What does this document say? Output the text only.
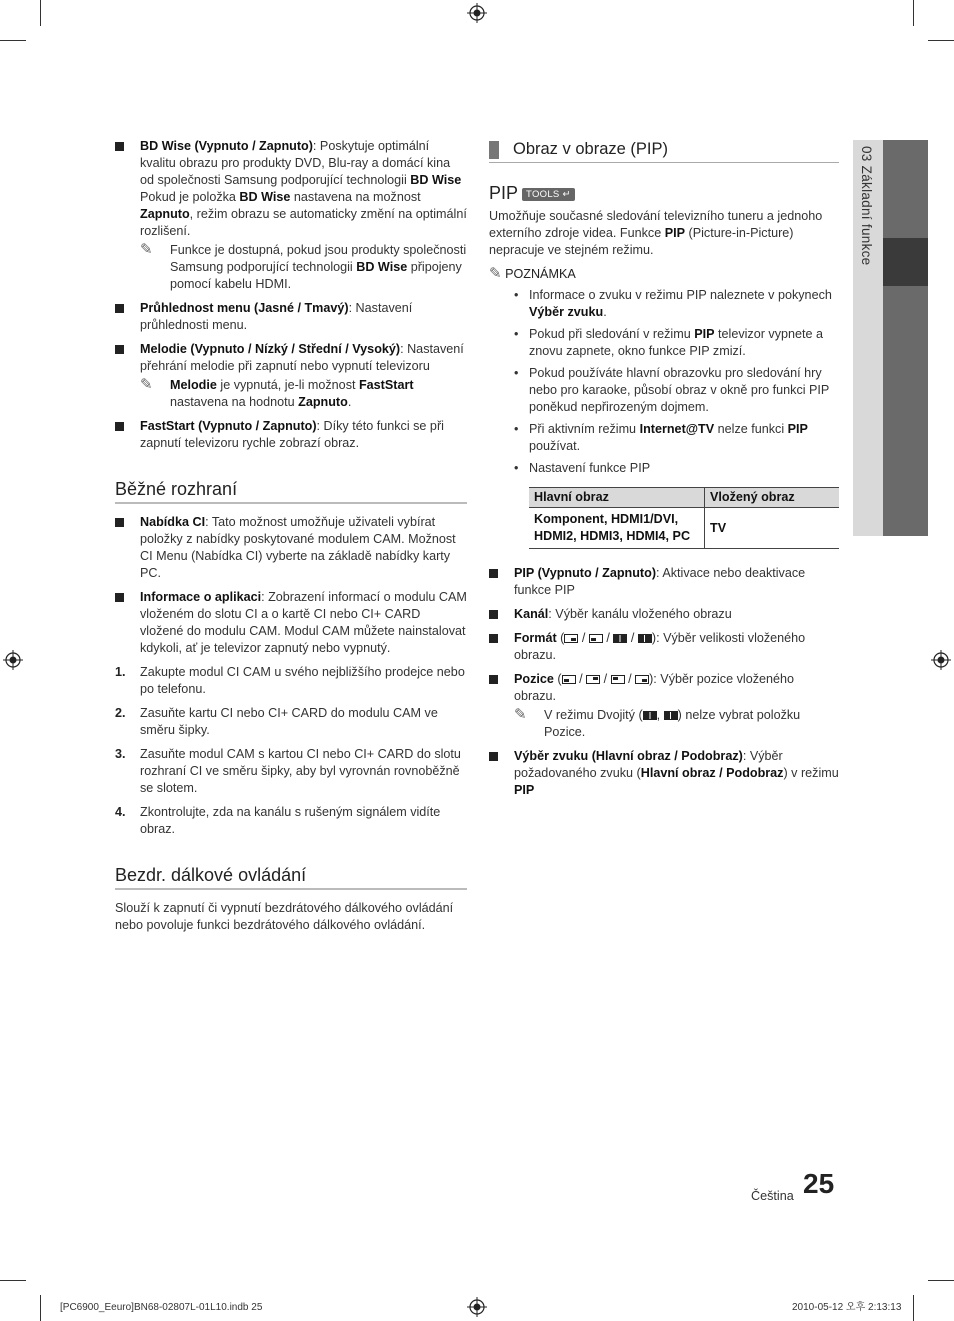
BD Wise (Vypnuto / Zapnuto): Poskytuje optimální kvalitu obrazu pro produkty DVD, Blu-ray a domácí kina od společnosti Samsung podporující technologii BD Wise Pokud je položka BD Wise nastavena na možnost Zapnuto, režim obrazu se automaticky změní na optimální rozlišení.
✎ Funkce je dostupná, pokud jsou produkty společnosti Samsung podporující technologii BD Wise připojeny pomocí kabelu HDMI.
Průhlednost menu (Jasné / Tmavý): Nastavení průhlednosti menu.
Melodie (Vypnuto / Nízký / Střední / Vysoký): Nastavení přehrání melodie při zapnutí nebo vypnutí televizoru
✎ Melodie je vypnutá, je-li možnost FastStart nastavena na hodnotu Zapnuto.
FastStart (Vypnuto / Zapnuto): Díky této funkci se při zapnutí televizoru rychle zobrazí obraz.
Běžné rozhraní
Nabídka CI: Tato možnost umožňuje uživateli vybírat položky z nabídky poskytované modulem CAM. Možnost CI Menu (Nabídka CI) vyberte na základě nabídky karty PC.
Informace o aplikaci: Zobrazení informací o modulu CAM vloženém do slotu CI a o kartě CI nebo CI+ CARD vložené do modulu CAM. Modul CAM můžete nainstalovat kdykoli, ať je televizor zapnutý nebo vypnutý.
1. Zakupte modul CI CAM u svého nejbližšího prodejce nebo po telefonu.
2. Zasuňte kartu CI nebo CI+ CARD do modulu CAM ve směru šipky.
3. Zasuňte modul CAM s kartou CI nebo CI+ CARD do slotu rozhraní CI ve směru šipky, aby byl vyrovnán rovnoběžně se slotem.
4. Zkontrolujte, zda na kanálu s rušeným signálem vidíte obraz.
Bezdr. dálkové ovládání
Slouží k zapnutí či vypnutí bezdrátového dálkového ovládání nebo povoluje funkci bezdrátového dálkového ovládání.
Obraz v obraze (PIP)
PIP TOOLS ↵
Umožňuje současné sledování televizního tuneru a jednoho externího zdroje videa. Funkce PIP (Picture-in-Picture) nepracuje ve stejném režimu.
✎ POZNÁMKA
• Informace o zvuku v režimu PIP naleznete v pokynech Výběr zvuku.
• Pokud při sledování v režimu PIP televizor vypnete a znovu zapnete, okno funkce PIP zmizí.
• Pokud používáte hlavní obrazovku pro sledování hry nebo pro karaoke, působí obraz v okně pro funkci PIP poněkud nepřirozeným dojmem.
• Při aktivním režimu Internet@TV nelze funkci PIP používat.
• Nastavení funkce PIP
Hlavní obraz	Vložený obraz
Komponent, HDMI1/DVI, HDMI2, HDMI3, HDMI4, PC	TV
PIP (Vypnuto / Zapnuto): Aktivace nebo deaktivace funkce PIP
Kanál: Výběr kanálu vloženého obrazu
Formát ( /  /  / ): Výběr velikosti vloženého obrazu.
Pozice ( /  /  / ): Výběr pozice vloženého obrazu.
✎ V režimu Dvojitý ( , ) nelze vybrat položku Pozice.
Výběr zvuku (Hlavní obraz / Podobraz): Výběr požadovaného zvuku (Hlavní obraz / Podobraz) v režimu PIP
03 Základní funkce
Čeština 25
[PC6900_Eeuro]BN68-02807L-01L10.indb 25	2010-05-12 오후 2:13:13
